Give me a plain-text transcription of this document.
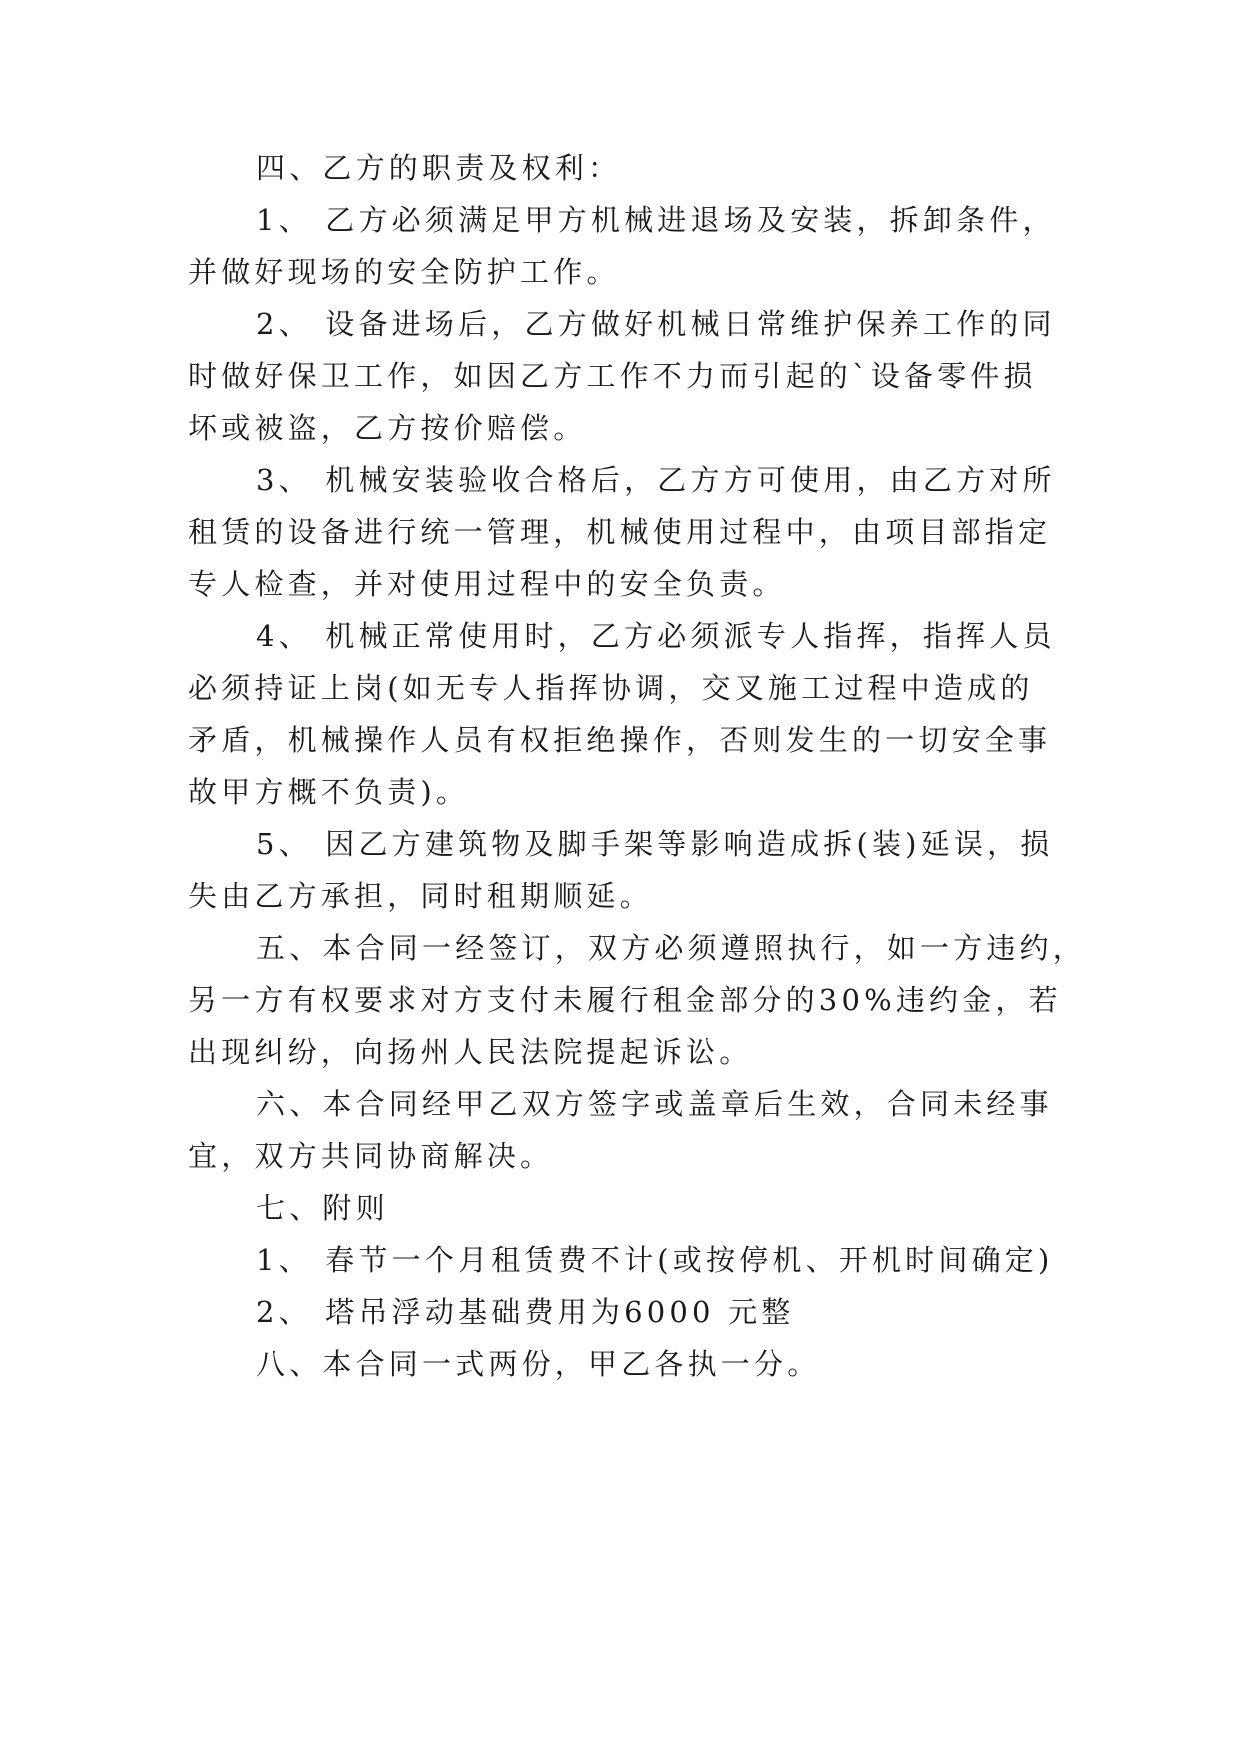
四、乙方的职责及权利：
1、 乙方必须满足甲方机械进退场及安装，拆卸条件，
并做好现场的安全防护工作。
2、 设备进场后，乙方做好机械日常维护保养工作的同
时做好保卫工作，如因乙方工作不力而引起的`设备零件损
坏或被盗，乙方按价赔偿。
3、 机械安装验收合格后，乙方方可使用，由乙方对所
租赁的设备进行统一管理，机械使用过程中，由项目部指定
专人检查，并对使用过程中的安全负责。
4、 机械正常使用时，乙方必须派专人指挥，指挥人员
必须持证上岗(如无专人指挥协调，交叉施工过程中造成的
矛盾，机械操作人员有权拒绝操作，否则发生的一切安全事
故甲方概不负责)。
5、 因乙方建筑物及脚手架等影响造成拆(装)延误，损
失由乙方承担，同时租期顺延。
五、本合同一经签订，双方必须遵照执行，如一方违约，
另一方有权要求对方支付未履行租金部分的30%违约金，若
出现纠纷，向扬州人民法院提起诉讼。
六、本合同经甲乙双方签字或盖章后生效，合同未经事
宜，双方共同协商解决。
七、附则
1、 春节一个月租赁费不计(或按停机、开机时间确定)
2、 塔吊浮动基础费用为6000 元整
八、本合同一式两份，甲乙各执一分。
